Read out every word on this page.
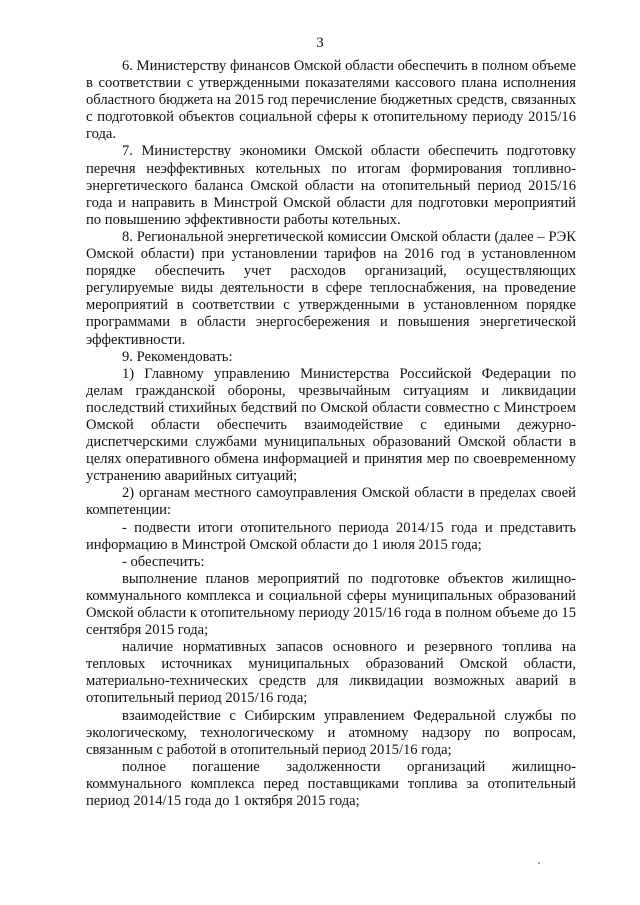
3

6. Министерству финансов Омской области обеспечить в полном объеме в соответствии с утвержденными показателями кассового плана исполнения областного бюджета на 2015 год перечисление бюджетных средств, связанных с подготовкой объектов социальной сферы к отопительному периоду 2015/16 года.

7. Министерству экономики Омской области обеспечить подготовку перечня неэффективных котельных по итогам формирования топливно-энергетического баланса Омской области на отопительный период 2015/16 года и направить в Минстрой Омской области для подготовки мероприятий по повышению эффективности работы котельных.

8. Региональной энергетической комиссии Омской области (далее – РЭК Омской области) при установлении тарифов на 2016 год в установленном порядке обеспечить учет расходов организаций, осуществляющих регулируемые виды деятельности в сфере теплоснабжения, на проведение мероприятий в соответствии с утвержденными в установленном порядке программами в области энергосбережения и повышения энергетической эффективности.

9. Рекомендовать:

1) Главному управлению Министерства Российской Федерации по делам гражданской обороны, чрезвычайным ситуациям и ликвидации последствий стихийных бедствий по Омской области совместно с Минстроем Омской области обеспечить взаимодействие с едиными дежурно-диспетчерскими службами муниципальных образований Омской области в целях оперативного обмена информацией и принятия мер по своевременному устранению аварийных ситуаций;

2) органам местного самоуправления Омской области в пределах своей компетенции:

- подвести итоги отопительного периода 2014/15 года и представить информацию в Минстрой Омской области до 1 июля 2015 года;

- обеспечить:

выполнение планов мероприятий по подготовке объектов жилищно-коммунального комплекса и социальной сферы муниципальных образований Омской области к отопительному периоду 2015/16 года в полном объеме до 15 сентября 2015 года;

наличие нормативных запасов основного и резервного топлива на тепловых источниках муниципальных образований Омской области, материально-технических средств для ликвидации возможных аварий в отопительный период 2015/16 года;

взаимодействие с Сибирским управлением Федеральной службы по экологическому, технологическому и атомному надзору по вопросам, связанным с работой в отопительный период 2015/16 года;

полное погашение задолженности организаций жилищно-коммунального комплекса перед поставщиками топлива за отопительный период 2014/15 года до 1 октября 2015 года;
